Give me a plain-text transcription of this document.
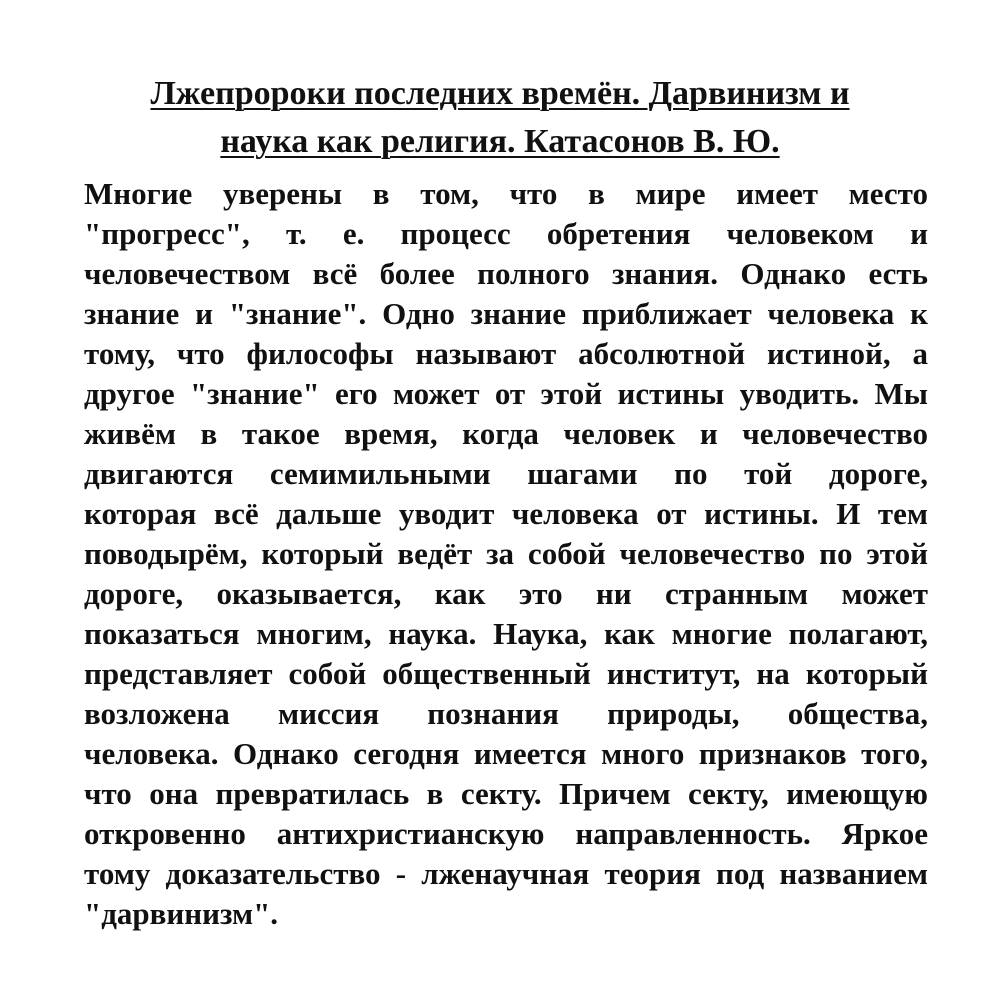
Лжепророки последних времён. Дарвинизм и
наука как религия. Катасонов В. Ю.
Многие уверены в том, что в мире имеет место
"прогресс", т. е. процесс обретения человеком и
человечеством всё более полного знания. Однако есть
знание и "знание". Одно знание приближает человека к
тому, что философы называют абсолютной истиной, а
другое "знание" его может от этой истины уводить. Мы
живём в такое время, когда человек и человечество
двигаются семимильными шагами по той дороге,
которая всё дальше уводит человека от истины. И тем
поводырём, который ведёт за собой человечество по этой
дороге, оказывается, как это ни странным может
показаться многим, наука. Наука, как многие полагают,
представляет собой общественный институт, на который
возложена миссия познания природы, общества,
человека. Однако сегодня имеется много признаков того,
что она превратилась в секту. Причем секту, имеющую
откровенно антихристианскую направленность. Яркое
тому доказательство - лженаучная теория под названием
"дарвинизм".
